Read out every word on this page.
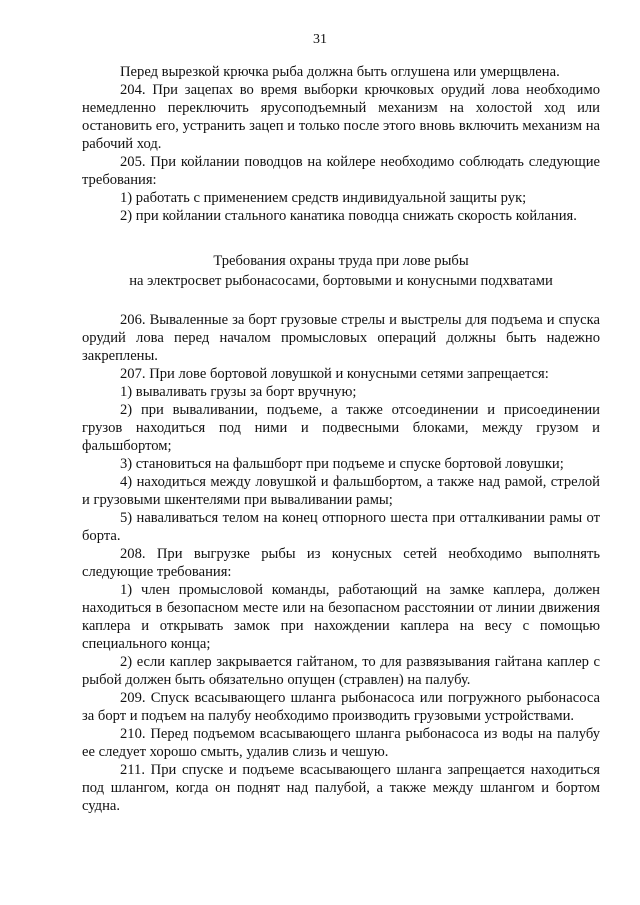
31

Перед вырезкой крючка рыба должна быть оглушена или умерщвлена.

204. При зацепах во время выборки крючковых орудий лова необходимо немедленно переключить ярусоподъемный механизм на холостой ход или остановить его, устранить зацеп и только после этого вновь включить механизм на рабочий ход.

205. При койлании поводцов на койлере необходимо соблюдать следующие требования:

1) работать с применением средств индивидуальной защиты рук;

2) при койлании стального канатика поводца снижать скорость койлания.

Требования охраны труда при лове рыбы
на электросвет рыбонасосами, бортовыми и конусными подхватами

206. Вываленные за борт грузовые стрелы и выстрелы для подъема и спуска орудий лова перед началом промысловых операций должны быть надежно закреплены.

207. При лове бортовой ловушкой и конусными сетями запрещается:

1) вываливать грузы за борт вручную;

2) при вываливании, подъеме, а также отсоединении и присоединении грузов находиться под ними и подвесными блоками, между грузом и фальшбортом;

3) становиться на фальшборт при подъеме и спуске бортовой ловушки;

4) находиться между ловушкой и фальшбортом, а также над рамой, стрелой и грузовыми шкентелями при вываливании рамы;

5) наваливаться телом на конец отпорного шеста при отталкивании рамы от борта.

208. При выгрузке рыбы из конусных сетей необходимо выполнять следующие требования:

1) член промысловой команды, работающий на замке каплера, должен находиться в безопасном месте или на безопасном расстоянии от линии движения каплера и открывать замок при нахождении каплера на весу с помощью специального конца;

2) если каплер закрывается гайтаном, то для развязывания гайтана каплер с рыбой должен быть обязательно опущен (стравлен) на палубу.

209. Спуск всасывающего шланга рыбонасоса или погружного рыбонасоса за борт и подъем на палубу необходимо производить грузовыми устройствами.

210. Перед подъемом всасывающего шланга рыбонасоса из воды на палубу ее следует хорошо смыть, удалив слизь и чешую.

211. При спуске и подъеме всасывающего шланга запрещается находиться под шлангом, когда он поднят над палубой, а также между шлангом и бортом судна.
